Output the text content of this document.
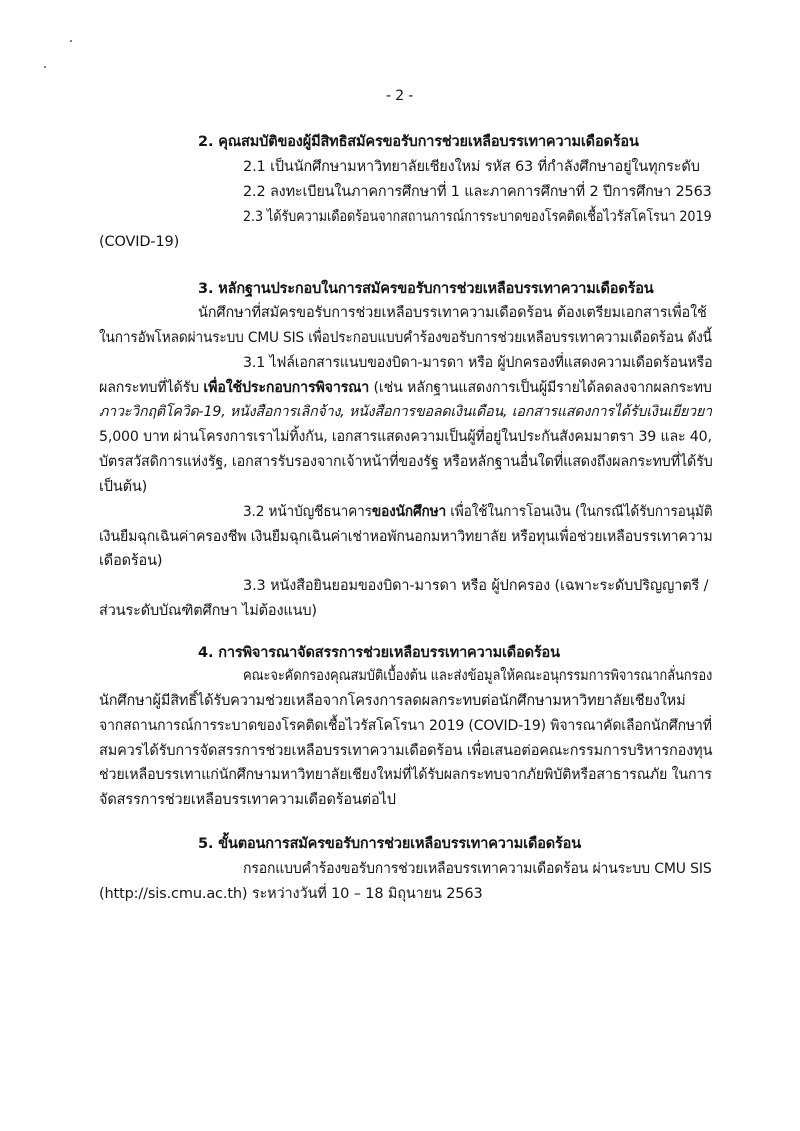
- 2 -
2. คุณสมบัติของผู้มีสิทธิสมัครขอรับการช่วยเหลือบรรเทาความเดือดร้อน
2.1 เป็นนักศึกษามหาวิทยาลัยเชียงใหม่ รหัส 63 ที่กำลังศึกษาอยู่ในทุกระดับ
2.2 ลงทะเบียนในภาคการศึกษาที่ 1 และภาคการศึกษาที่ 2 ปีการศึกษา 2563
2.3 ได้รับความเดือดร้อนจากสถานการณ์การระบาดของโรคติดเชื้อไวรัสโคโรนา 2019
(COVID-19)
3. หลักฐานประกอบในการสมัครขอรับการช่วยเหลือบรรเทาความเดือดร้อน
นักศึกษาที่สมัครขอรับการช่วยเหลือบรรเทาความเดือดร้อน ต้องเตรียมเอกสารเพื่อใช้
ในการอัพโหลดผ่านระบบ CMU SIS เพื่อประกอบแบบคำร้องขอรับการช่วยเหลือบรรเทาความเดือดร้อน ดังนี้
3.1 ไฟล์เอกสารแนบของบิดา-มารดา หรือ ผู้ปกครองที่แสดงความเดือดร้อนหรือ
ผลกระทบที่ได้รับ เพื่อใช้ประกอบการพิจารณา (เช่น หลักฐานแสดงการเป็นผู้มีรายได้ลดลงจากผลกระทบ
ภาวะวิกฤติโควิด-19, หนังสือการเลิกจ้าง, หนังสือการขอลดเงินเดือน, เอกสารแสดงการได้รับเงินเยียวยา
5,000 บาท ผ่านโครงการเราไม่ทิ้งกัน, เอกสารแสดงความเป็นผู้ที่อยู่ในประกันสังคมมาตรา 39 และ 40,
บัตรสวัสดิการแห่งรัฐ, เอกสารรับรองจากเจ้าหน้าที่ของรัฐ หรือหลักฐานอื่นใดที่แสดงถึงผลกระทบที่ได้รับ
เป็นต้น)
3.2 หน้าบัญชีธนาคารของนักศึกษา เพื่อใช้ในการโอนเงิน (ในกรณีได้รับการอนุมัติ
เงินยืมฉุกเฉินค่าครองชีพ เงินยืมฉุกเฉินค่าเช่าหอพักนอกมหาวิทยาลัย หรือทุนเพื่อช่วยเหลือบรรเทาความ
เดือดร้อน)
3.3 หนังสือยินยอมของบิดา-มารดา หรือ ผู้ปกครอง (เฉพาะระดับปริญญาตรี /
ส่วนระดับบัณฑิตศึกษา ไม่ต้องแนบ)
4. การพิจารณาจัดสรรการช่วยเหลือบรรเทาความเดือดร้อน
คณะจะคัดกรองคุณสมบัติเบื้องต้น และส่งข้อมูลให้คณะอนุกรรมการพิจารณากลั่นกรอง
นักศึกษาผู้มีสิทธิ์ได้รับความช่วยเหลือจากโครงการลดผลกระทบต่อนักศึกษามหาวิทยาลัยเชียงใหม่
จากสถานการณ์การระบาดของโรคติดเชื้อไวรัสโคโรนา 2019 (COVID-19) พิจารณาคัดเลือกนักศึกษาที่
สมควรได้รับการจัดสรรการช่วยเหลือบรรเทาความเดือดร้อน เพื่อเสนอต่อคณะกรรมการบริหารกองทุน
ช่วยเหลือบรรเทาแก่นักศึกษามหาวิทยาลัยเชียงใหม่ที่ได้รับผลกระทบจากภัยพิบัติหรือสาธารณภัย ในการ
จัดสรรการช่วยเหลือบรรเทาความเดือดร้อนต่อไป
5. ขั้นตอนการสมัครขอรับการช่วยเหลือบรรเทาความเดือดร้อน
กรอกแบบคำร้องขอรับการช่วยเหลือบรรเทาความเดือดร้อน ผ่านระบบ CMU SIS
(http://sis.cmu.ac.th) ระหว่างวันที่ 10 – 18 มิถุนายน 2563
